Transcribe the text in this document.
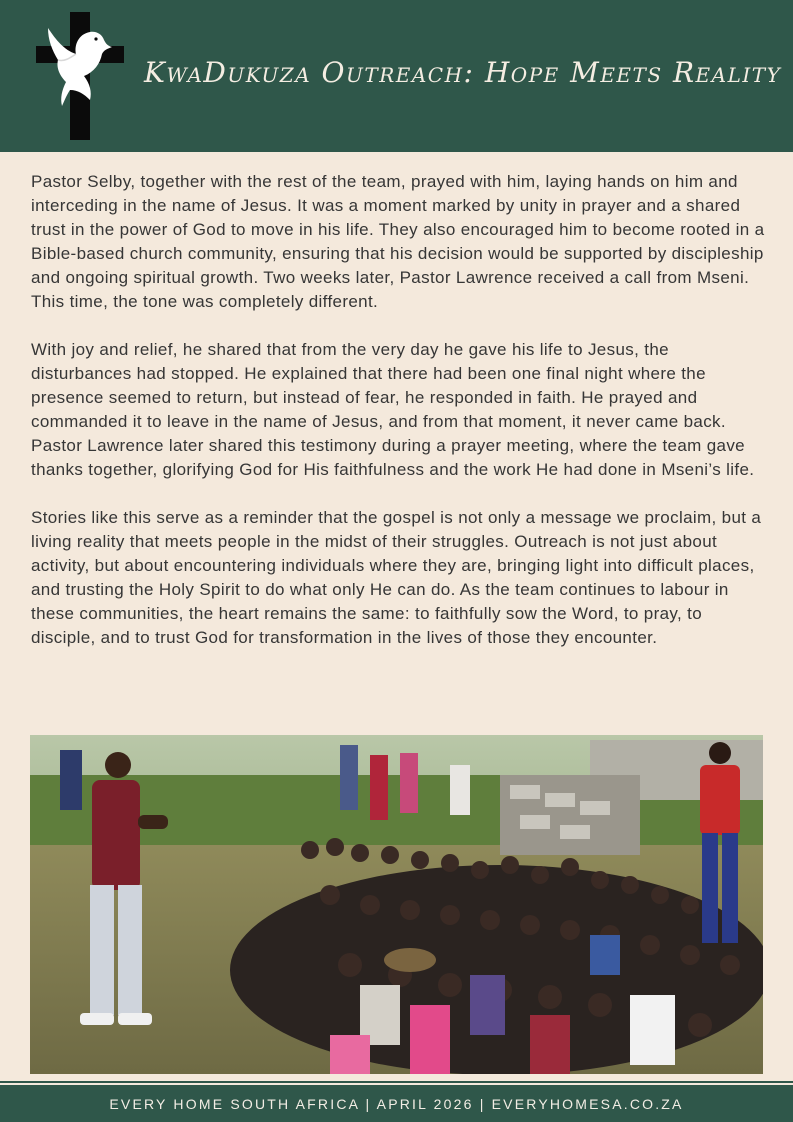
KwaDukuza Outreach: Hope Meets Reality
Pastor Selby, together with the rest of the team, prayed with him, laying hands on him and interceding in the name of Jesus. It was a moment marked by unity in prayer and a shared trust in the power of God to move in his life. They also encouraged him to become rooted in a Bible-based church community, ensuring that his decision would be supported by discipleship and ongoing spiritual growth. Two weeks later, Pastor Lawrence received a call from Mseni.
This time, the tone was completely different.
With joy and relief, he shared that from the very day he gave his life to Jesus, the disturbances had stopped. He explained that there had been one final night where the presence seemed to return, but instead of fear, he responded in faith. He prayed and commanded it to leave in the name of Jesus, and from that moment, it never came back. Pastor Lawrence later shared this testimony during a prayer meeting, where the team gave thanks together, glorifying God for His faithfulness and the work He had done in Mseni’s life.
Stories like this serve as a reminder that the gospel is not only a message we proclaim, but a living reality that meets people in the midst of their struggles. Outreach is not just about activity, but about encountering individuals where they are, bringing light into difficult places, and trusting the Holy Spirit to do what only He can do. As the team continues to labour in these communities, the heart remains the same: to faithfully sow the Word, to pray, to disciple, and to trust God for transformation in the lives of those they encounter.
EVERY HOME SOUTH AFRICA | APRIL 2026 | EVERYHOMESA.CO.ZA
